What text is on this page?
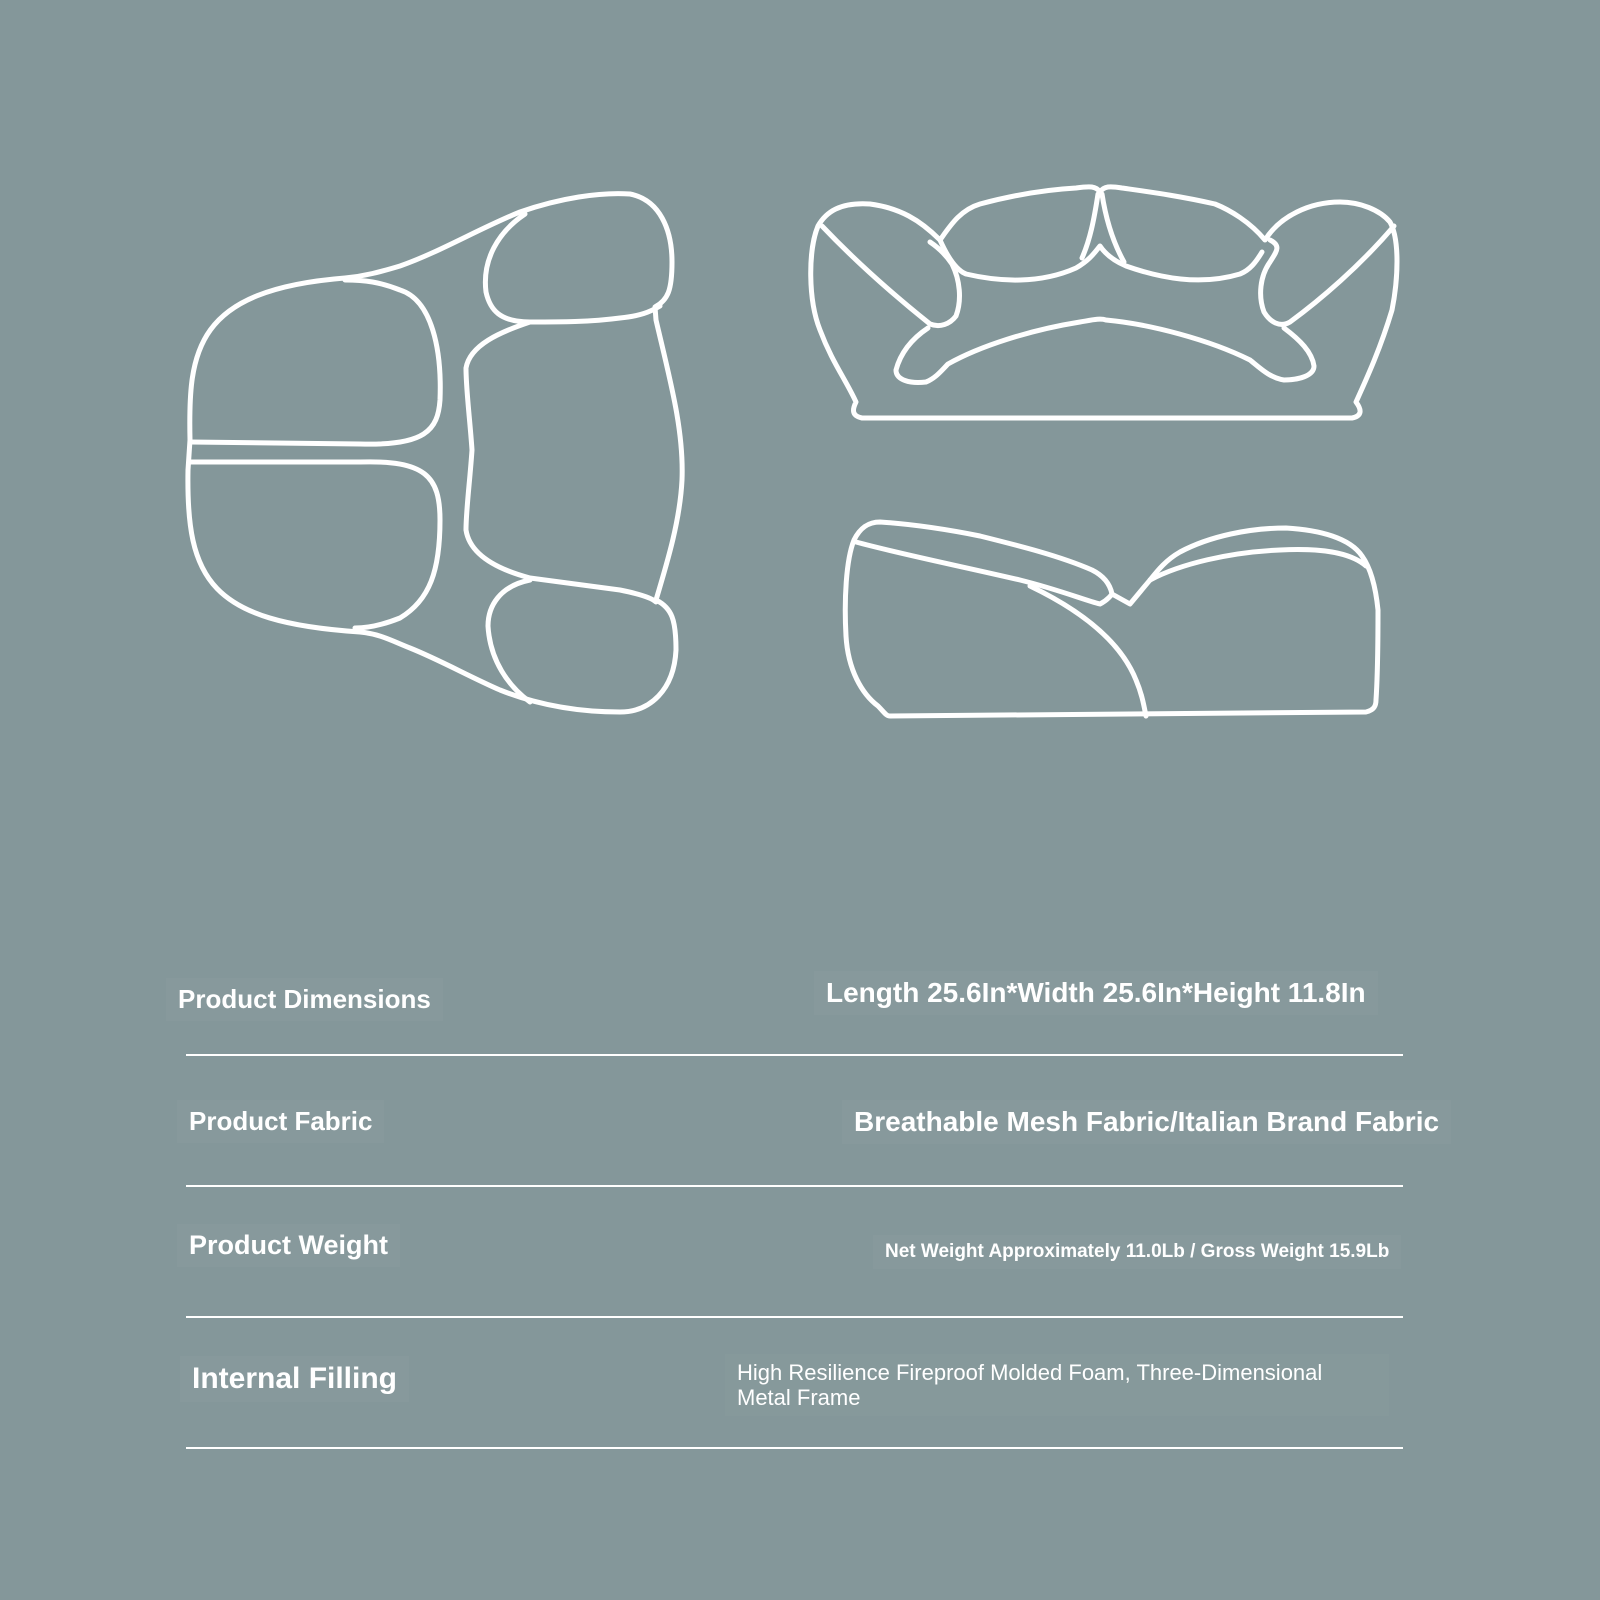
Product Dimensions	Length 25.6In*Width 25.6In*Height 11.8In
Product Fabric	Breathable Mesh Fabric/Italian Brand Fabric
Product Weight	Net Weight Approximately 11.0Lb / Gross Weight 15.9Lb
Internal Filling	High Resilience Fireproof Molded Foam, Three-Dimensional Metal Frame
